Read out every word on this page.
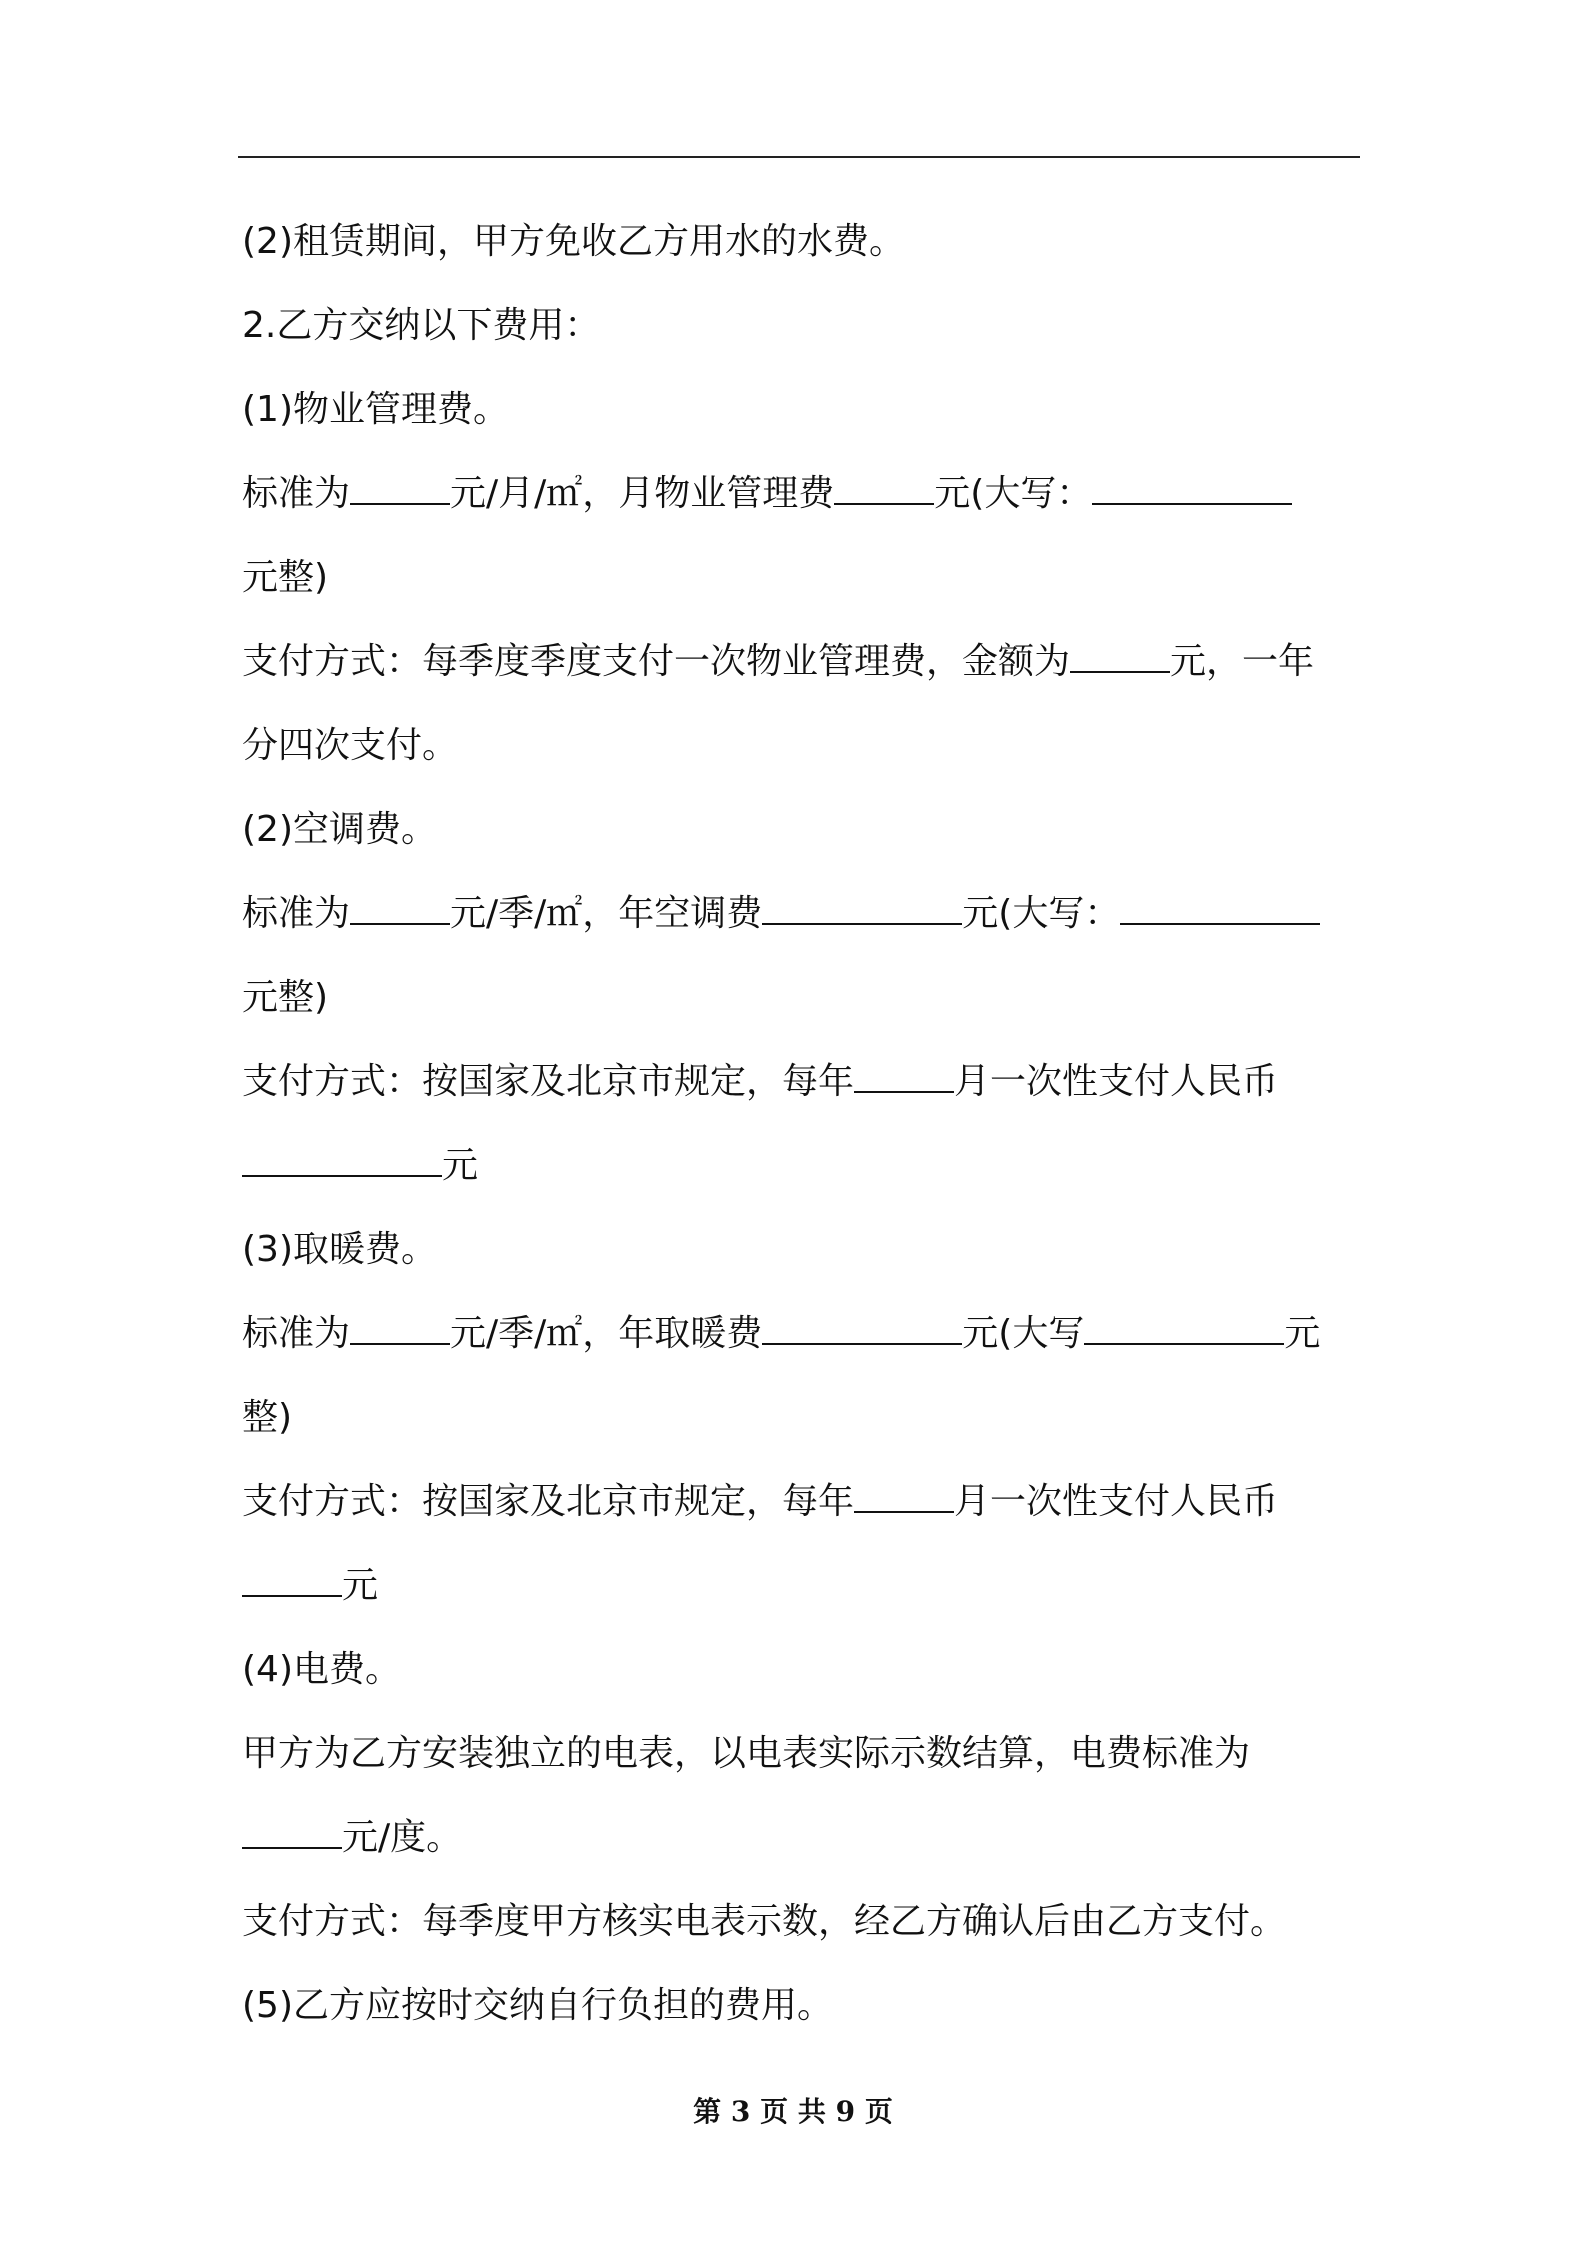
(2)租赁期间，甲方免收乙方用水的水费。
2.乙方交纳以下费用：
(1)物业管理费。
标准为	元/月/㎡，月物业管理费	元(大写：
元整)
支付方式：每季度季度支付一次物业管理费，金额为	元，一年
分四次支付。
(2)空调费。
标准为	元/季/㎡，年空调费	元(大写：
元整)
支付方式：按国家及北京市规定，每年	月一次性支付人民币
元
(3)取暖费。
标准为	元/季/㎡，年取暖费	元(大写	元
整)
支付方式：按国家及北京市规定，每年	月一次性支付人民币
元
(4)电费。
甲方为乙方安装独立的电表，以电表实际示数结算，电费标准为
元/度。
支付方式：每季度甲方核实电表示数，经乙方确认后由乙方支付。
(5)乙方应按时交纳自行负担的费用。
第 3 页 共 9 页
